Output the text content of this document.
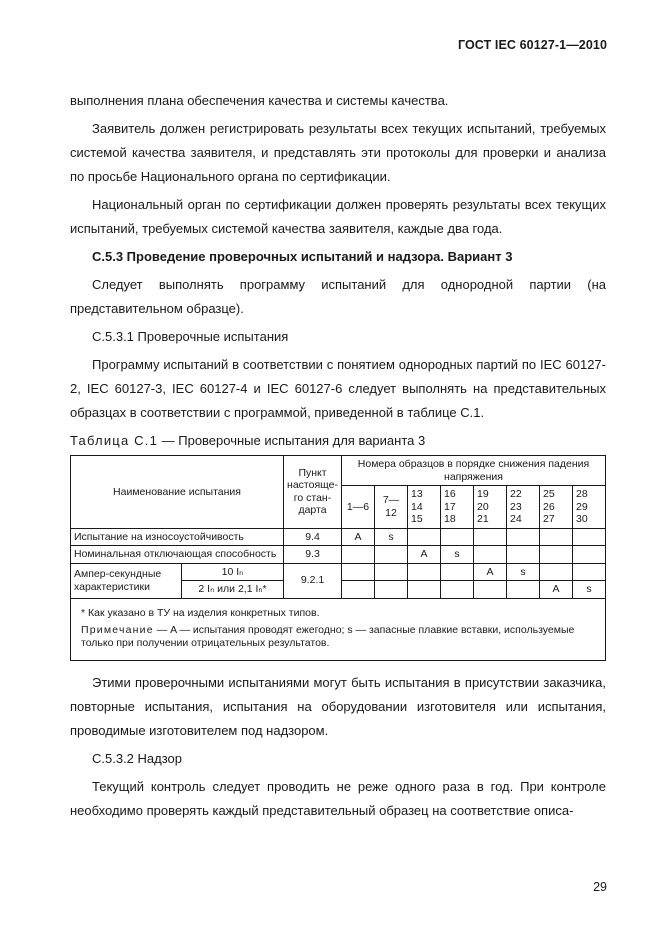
ГОСТ IEC 60127-1—2010

выполнения плана обеспечения качества и системы качества.

Заявитель должен регистрировать результаты всех текущих испытаний, требуемых системой качества заявителя, и представлять эти протоколы для проверки и анализа по просьбе Национального органа по сертификации.

Национальный орган по сертификации должен проверять результаты всех текущих испытаний, требуемых системой качества заявителя, каждые два года.

С.5.3 Проведение проверочных испытаний и надзора. Вариант 3

Следует выполнять программу испытаний для однородной партии (на представительном образце).

С.5.3.1 Проверочные испытания

Программу испытаний в соответствии с понятием однородных партий по IEC 60127-2, IEC 60127-3, IEC 60127-4 и IEC 60127-6 следует выполнять на представительных образцах в соответствии с программой, приведенной в таблице С.1.

Таблица С.1 — Проверочные испытания для варианта 3
Наименование испытания		Пункт настояще-го стан-дарта	Номера образцов в порядке снижения падения напряжения							
			1—6	7—12	13
14
15	16
17
18	19
20
21	22
23
24	25
26
27	28
29
30
Испытание на износоустойчивость		9.4	A	s						
Номинальная отключающая способность		9.3			A	s				
Ампер-секундные характеристики	10 Iₙ	9.2.1					A	s		
	2 Iₙ или 2,1 Iₙ*								A	s

* Как указано в ТУ на изделия конкретных типов.
Примечание — A — испытания проводят ежегодно; s — запасные плавкие вставки, используемые только при получении отрицательных результатов.										

Этими проверочными испытаниями могут быть испытания в присутствии заказчика, повторные испытания, испытания на оборудовании изготовителя или испытания, проводимые изготовителем под надзором.

С.5.3.2 Надзор

Текущий контроль следует проводить не реже одного раза в год. При контроле необходимо проверять каждый представительный образец на соответствие описа-

29
